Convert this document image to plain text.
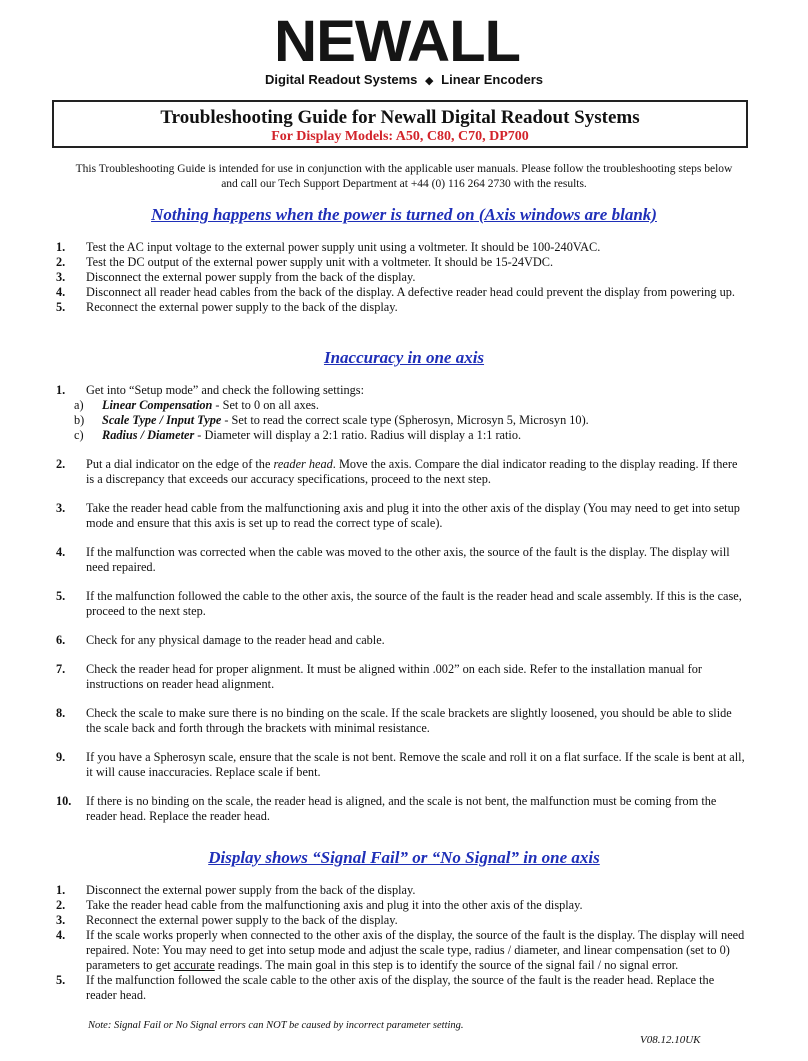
NEWALL
Digital Readout Systems ◆ Linear Encoders
Troubleshooting Guide for Newall Digital Readout Systems
For Display Models: A50, C80, C70, DP700
This Troubleshooting Guide is intended for use in conjunction with the applicable user manuals. Please follow the troubleshooting steps below
and call our Tech Support Department at +44 (0) 116 264 2730 with the results.
Nothing happens when the power is turned on (Axis windows are blank)
1.	Test the AC input voltage to the external power supply unit using a voltmeter. It should be 100-240VAC.
2.	Test the DC output of the external power supply unit with a voltmeter. It should be 15-24VDC.
3.	Disconnect the external power supply from the back of the display.
4.	Disconnect all reader head cables from the back of the display. A defective reader head could prevent the display from powering up.
5.	Reconnect the external power supply to the back of the display.
Inaccuracy in one axis
1.	Get into “Setup mode” and check the following settings:
a)	Linear Compensation - Set to 0 on all axes.
b)	Scale Type / Input Type - Set to read the correct scale type (Spherosyn, Microsyn 5, Microsyn 10).
c)	Radius / Diameter - Diameter will display a 2:1 ratio. Radius will display a 1:1 ratio.
2.	Put a dial indicator on the edge of the reader head. Move the axis. Compare the dial indicator reading to the display reading. If there is a discrepancy that exceeds our accuracy specifications, proceed to the next step.
3.	Take the reader head cable from the malfunctioning axis and plug it into the other axis of the display (You may need to get into setup mode and ensure that this axis is set up to read the correct type of scale).
4.	If the malfunction was corrected when the cable was moved to the other axis, the source of the fault is the display. The display will need repaired.
5.	If the malfunction followed the cable to the other axis, the source of the fault is the reader head and scale assembly. If this is the case, proceed to the next step.
6.	Check for any physical damage to the reader head and cable.
7.	Check the reader head for proper alignment. It must be aligned within .002” on each side. Refer to the installation manual for instructions on reader head alignment.
8.	Check the scale to make sure there is no binding on the scale. If the scale brackets are slightly loosened, you should be able to slide the scale back and forth through the brackets with minimal resistance.
9.	If you have a Spherosyn scale, ensure that the scale is not bent. Remove the scale and roll it on a flat surface. If the scale is bent at all, it will cause inaccuracies. Replace scale if bent.
10.	If there is no binding on the scale, the reader head is aligned, and the scale is not bent, the malfunction must be coming from the reader head. Replace the reader head.
Display shows “Signal Fail” or “No Signal” in one axis
1.	Disconnect the external power supply from the back of the display.
2.	Take the reader head cable from the malfunctioning axis and plug it into the other axis of the display.
3.	Reconnect the external power supply to the back of the display.
4.	If the scale works properly when connected to the other axis of the display, the source of the fault is the display. The display will need repaired. Note: You may need to get into setup mode and adjust the scale type, radius / diameter, and linear compensation (set to 0) parameters to get accurate readings. The main goal in this step is to identify the source of the signal fail / no signal error.
5.	If the malfunction followed the scale cable to the other axis of the display, the source of the fault is the reader head. Replace the reader head.
Note: Signal Fail or No Signal errors can NOT be caused by incorrect parameter setting.
V08.12.10UK
